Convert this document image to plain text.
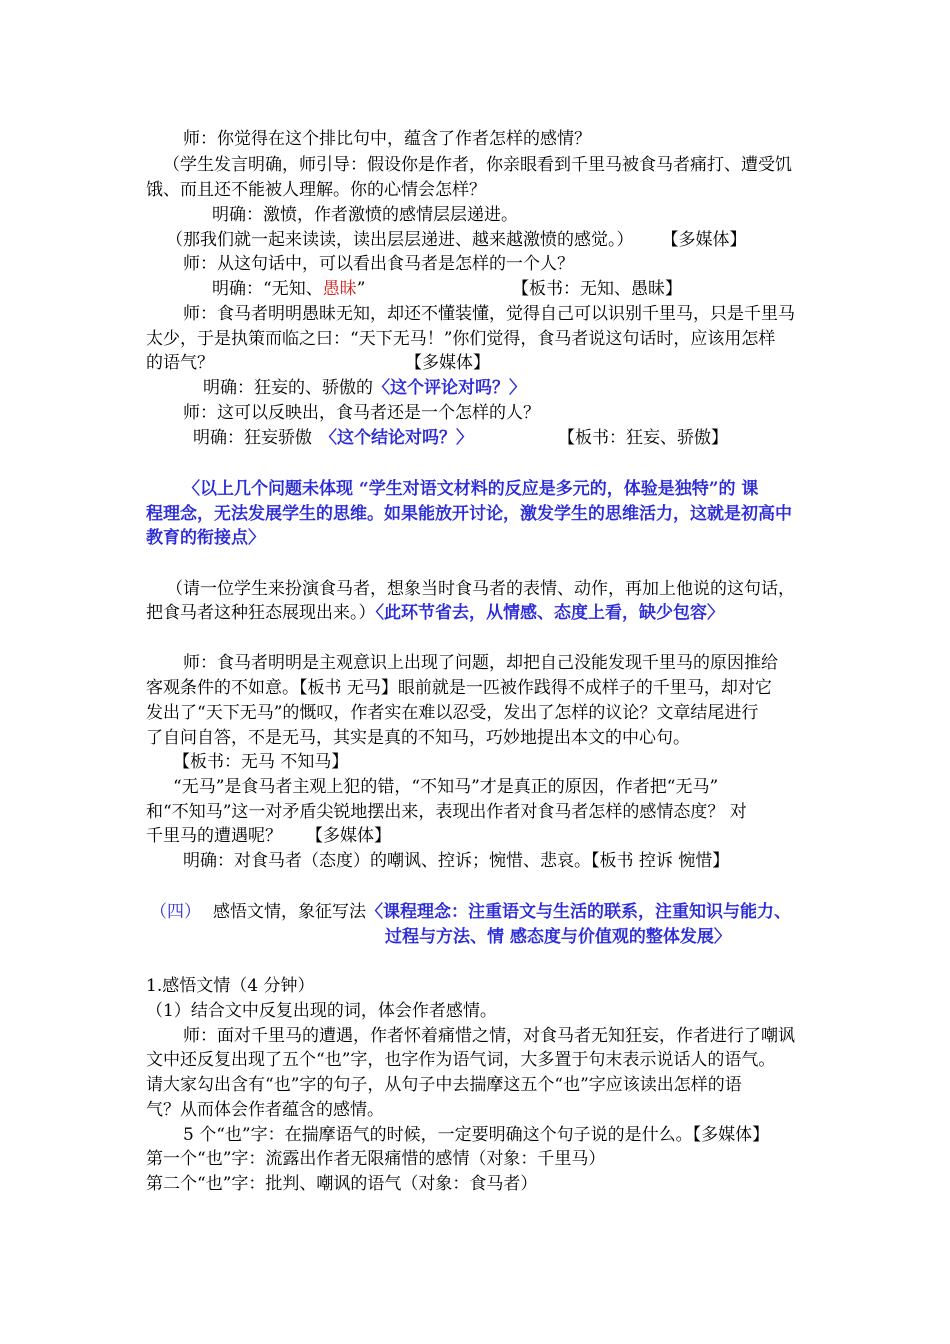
师：你觉得在这个排比句中，蕴含了作者怎样的感情？
（学生发言明确，师引导：假设你是作者，你亲眼看到千里马被食马者痛打、遭受饥
饿、而且还不能被人理解。你的心情会怎样？
明确：激愤，作者激愤的感情层层递进。
（那我们就一起来读读，读出层层递进、越来越激愤的感觉。） 【多媒体】
师：从这句话中，可以看出食马者是怎样的一个人？
明确：“无知、愚昧”	【板书：无知、愚昧】
师：食马者明明愚昧无知，却还不懂装懂，觉得自己可以识别千里马，只是千里马
太少，于是执策而临之曰：“天下无马！”你们觉得，食马者说这句话时，应该用怎样
的语气？	【多媒体】
明确：狂妄的、骄傲的〈这个评论对吗？〉
师：这可以反映出，食马者还是一个怎样的人？
明确：狂妄骄傲 〈这个结论对吗？〉	【板书：狂妄、骄傲】
〈以上几个问题未体现 “学生对语文材料的反应是多元的，体验是独特”的 课
程理念，无法发展学生的思维。如果能放开讨论，激发学生的思维活力，这就是初高中
教育的衔接点〉
（请一位学生来扮演食马者，想象当时食马者的表情、动作，再加上他说的这句话，
把食马者这种狂态展现出来。）〈此环节省去，从情感、态度上看，缺少包容〉
师：食马者明明是主观意识上出现了问题，却把自己没能发现千里马的原因推给
客观条件的不如意。【板书 无马】眼前就是一匹被作践得不成样子的千里马，却对它
发出了“天下无马”的慨叹，作者实在难以忍受，发出了怎样的议论？文章结尾进行
了自问自答，不是无马，其实是真的不知马，巧妙地提出本文的中心句。
【板书：无马 不知马】
“无马”是食马者主观上犯的错，“不知马”才是真正的原因，作者把“无马”
和“不知马”这一对矛盾尖锐地摆出来，表现出作者对食马者怎样的感情态度？ 对
千里马的遭遇呢？ 【多媒体】
明确：对食马者（态度）的嘲讽、控诉；惋惜、悲哀。【板书 控诉 惋惜】
（四） 感悟文情，象征写法〈课程理念：注重语文与生活的联系，注重知识与能力、
过程与方法、情 感态度与价值观的整体发展〉
1.感悟文情（4 分钟）
（1）结合文中反复出现的词，体会作者感情。
师：面对千里马的遭遇，作者怀着痛惜之情，对食马者无知狂妄，作者进行了嘲讽
文中还反复出现了五个“也”字，也字作为语气词，大多置于句末表示说话人的语气。
请大家勾出含有“也”字的句子，从句子中去揣摩这五个“也”字应该读出怎样的语
气？从而体会作者蕴含的感情。
5 个“也”字：在揣摩语气的时候，一定要明确这个句子说的是什么。【多媒体】
第一个“也”字：流露出作者无限痛惜的感情（对象：千里马）
第二个“也”字：批判、嘲讽的语气（对象：食马者）
